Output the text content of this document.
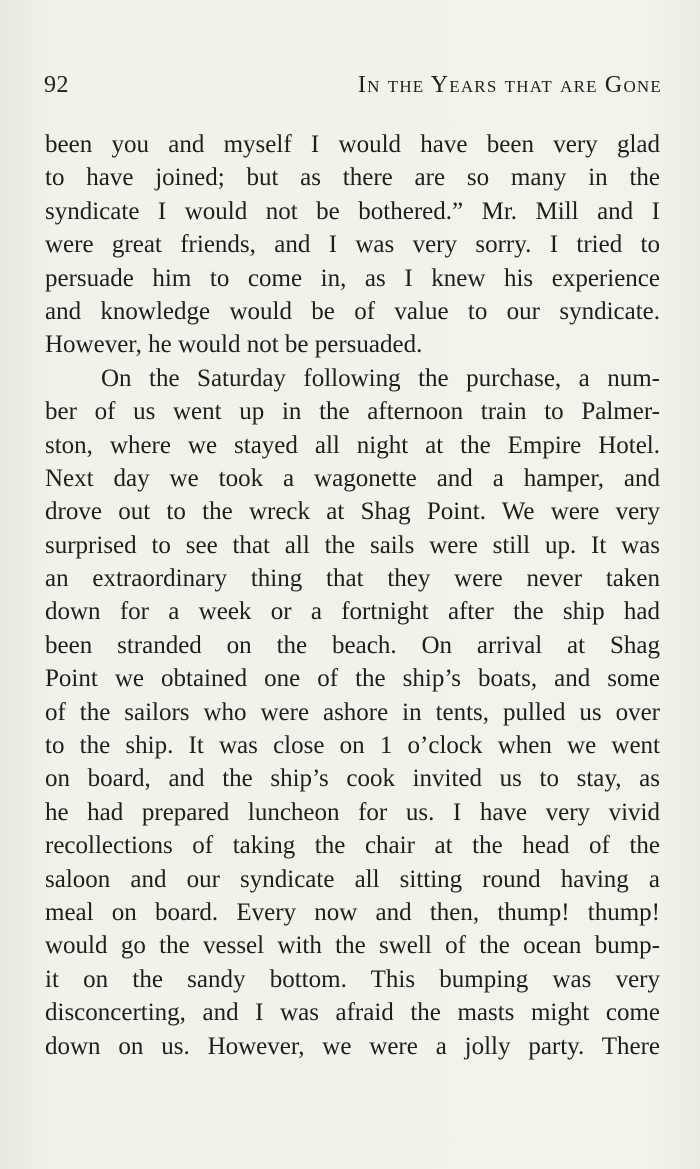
92	In the Years that are Gone
been you and myself I would have been very glad
to have joined; but as there are so many in the
syndicate I would not be bothered.” Mr. Mill and I
were great friends, and I was very sorry. I tried to
persuade him to come in, as I knew his experience
and knowledge would be of value to our syndicate.
However, he would not be persuaded.
On the Saturday following the purchase, a num-
ber of us went up in the afternoon train to Palmer-
ston, where we stayed all night at the Empire Hotel.
Next day we took a wagonette and a hamper, and
drove out to the wreck at Shag Point. We were very
surprised to see that all the sails were still up. It was
an extraordinary thing that they were never taken
down for a week or a fortnight after the ship had
been stranded on the beach. On arrival at Shag
Point we obtained one of the ship’s boats, and some
of the sailors who were ashore in tents, pulled us over
to the ship. It was close on 1 o’clock when we went
on board, and the ship’s cook invited us to stay, as
he had prepared luncheon for us. I have very vivid
recollections of taking the chair at the head of the
saloon and our syndicate all sitting round having a
meal on board. Every now and then, thump! thump!
would go the vessel with the swell of the ocean bump-
it on the sandy bottom. This bumping was very
disconcerting, and I was afraid the masts might come
down on us. However, we were a jolly party. There
